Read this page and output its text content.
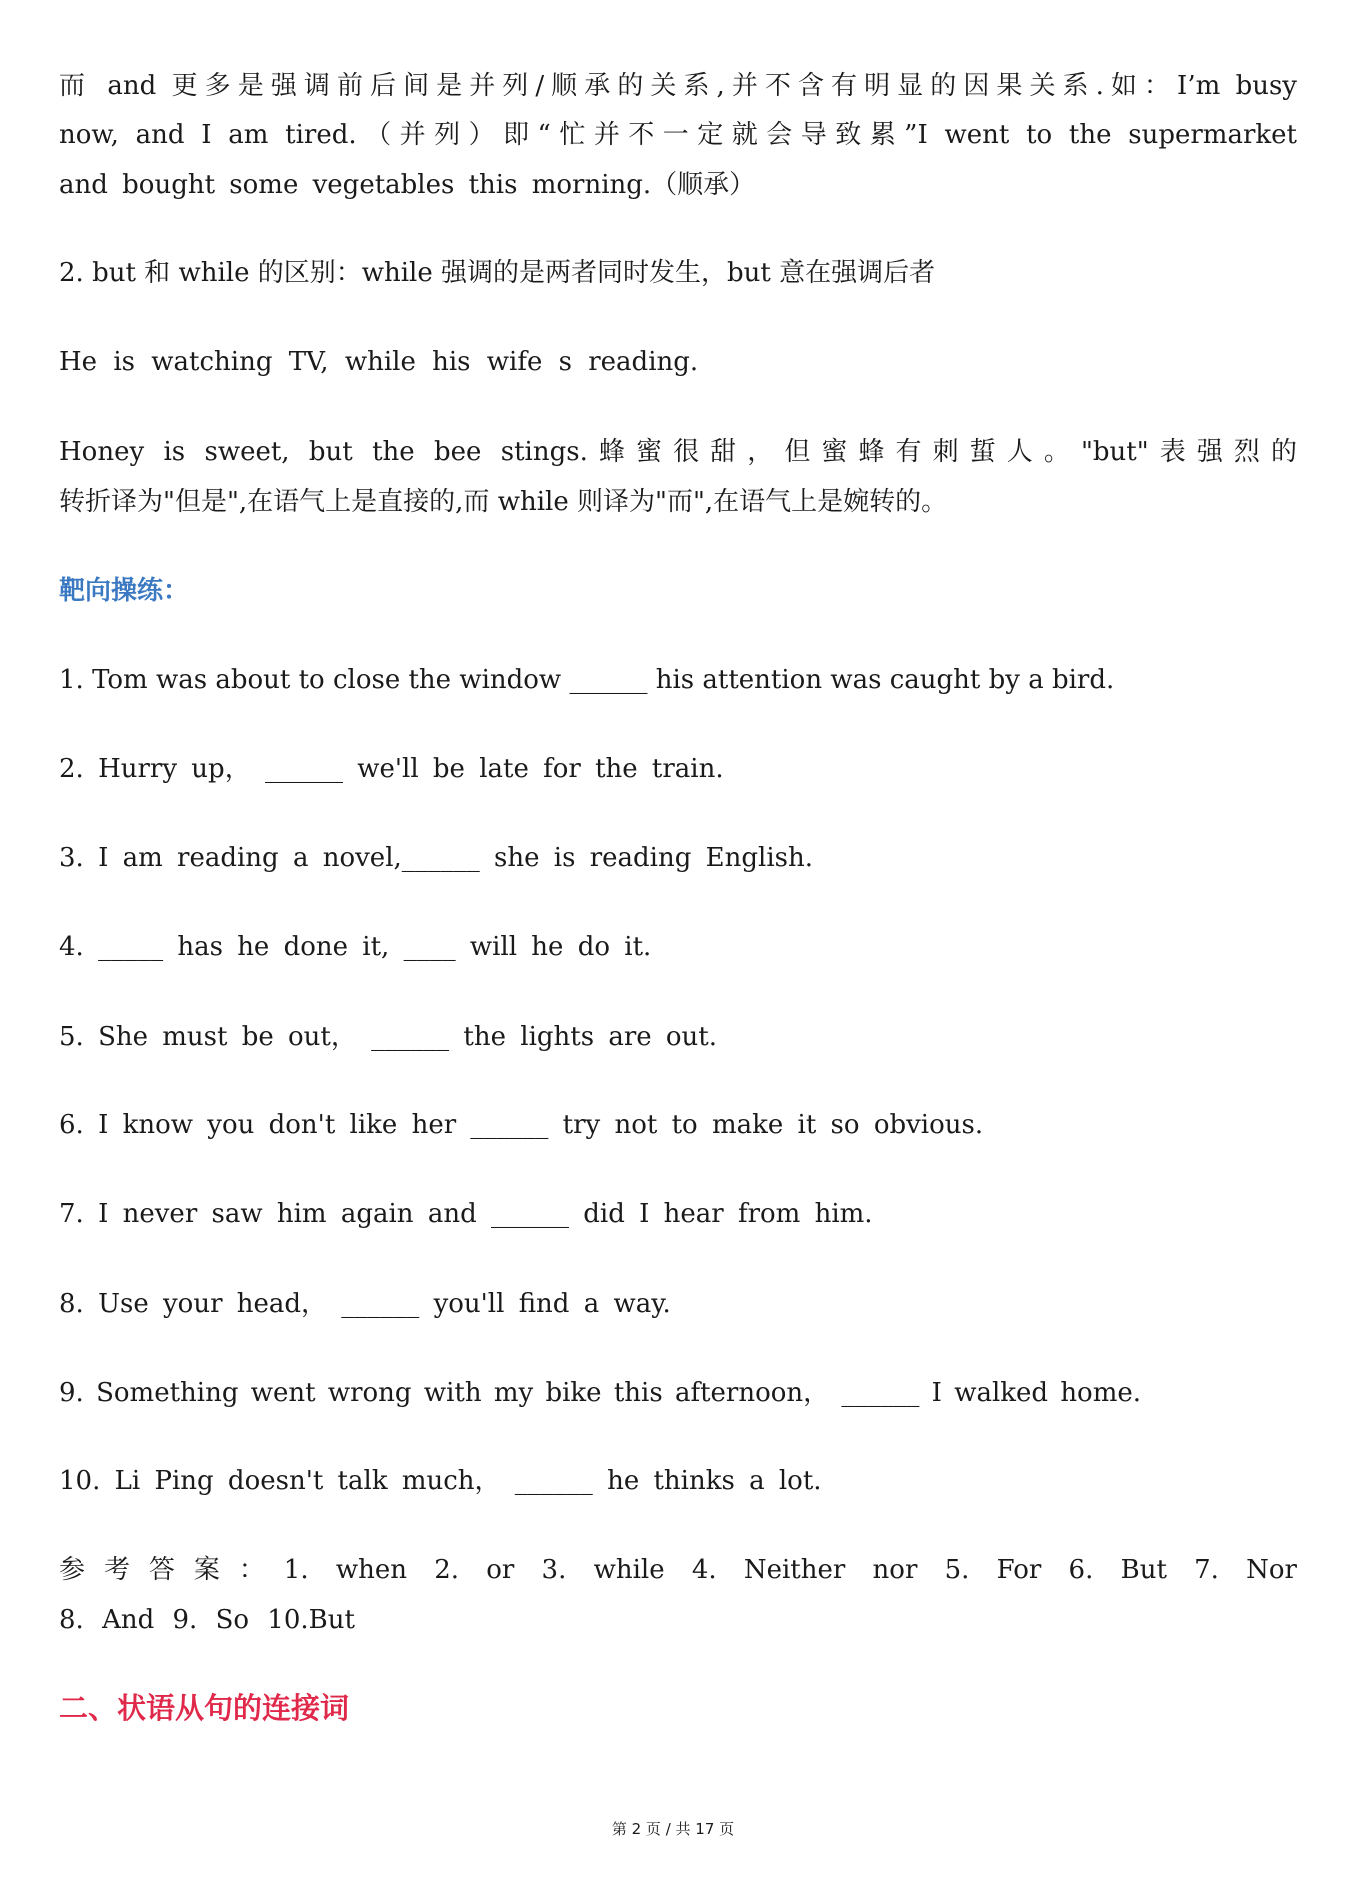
而 and 更多是强调前后间是并列/顺承的关系,并不含有明显的因果关系.如：I’m busy
now, and I am tired.（并列）即“忙并不一定就会导致累”I went to the supermarket
and bought some vegetables this morning.（顺承）
2. but 和 while 的区别：while 强调的是两者同时发生，but 意在强调后者
He is watching TV, while his wife s reading.
Honey is sweet, but the bee stings.蜂蜜很甜，但蜜蜂有刺蜇人。"but"表强烈的
转折译为"但是",在语气上是直接的,而 while 则译为"而",在语气上是婉转的。
靶向操练：
1. Tom was about to close the window ______ his attention was caught by a bird.
2. Hurry up， ______ we'll be late for the train.
3. I am reading a novel,______ she is reading English.
4. _____ has he done it, ____ will he do it.
5. She must be out， ______ the lights are out.
6. I know you don't like her ______ try not to make it so obvious.
7. I never saw him again and ______ did I hear from him.
8. Use your head， ______ you'll find a way.
9. Something went wrong with my bike this afternoon， ______ I walked home.
10. Li Ping doesn't talk much， ______ he thinks a lot.
参考答案：1. when 2. or 3. while 4. Neither nor 5. For 6. But 7. Nor
8. And 9. So 10.But
二、状语从句的连接词
第 2 页 / 共 17 页
